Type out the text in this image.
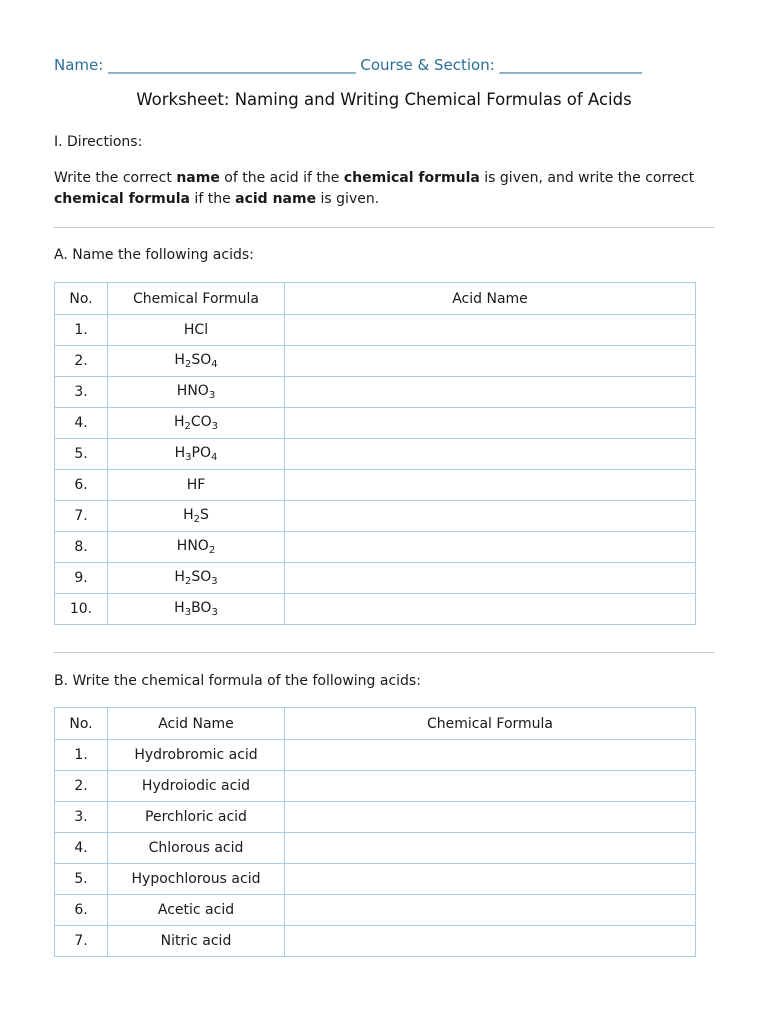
Name: _________________________________ Course & Section: ___________________
Worksheet: Naming and Writing Chemical Formulas of Acids
I. Directions:
Write the correct name of the acid if the chemical formula is given, and write the correct chemical formula if the acid name is given.
A. Name the following acids:
No.	Chemical Formula	Acid Name
1.	HCl	
2.	$H_2SO_4$	
3.	$HNO_3$	
4.	$H_2CO_3$	
5.	$H_3PO_4$	
6.	HF	
7.	$H_2S$	
8.	$HNO_2$	
9.	$H_2SO_3$	
10.	$H_3BO_3$	
B. Write the chemical formula of the following acids:
No.	Acid Name	Chemical Formula
1.	Hydrobromic acid	
2.	Hydroiodic acid	
3.	Perchloric acid	
4.	Chlorous acid	
5.	Hypochlorous acid	
6.	Acetic acid	
7.	Nitric acid	
